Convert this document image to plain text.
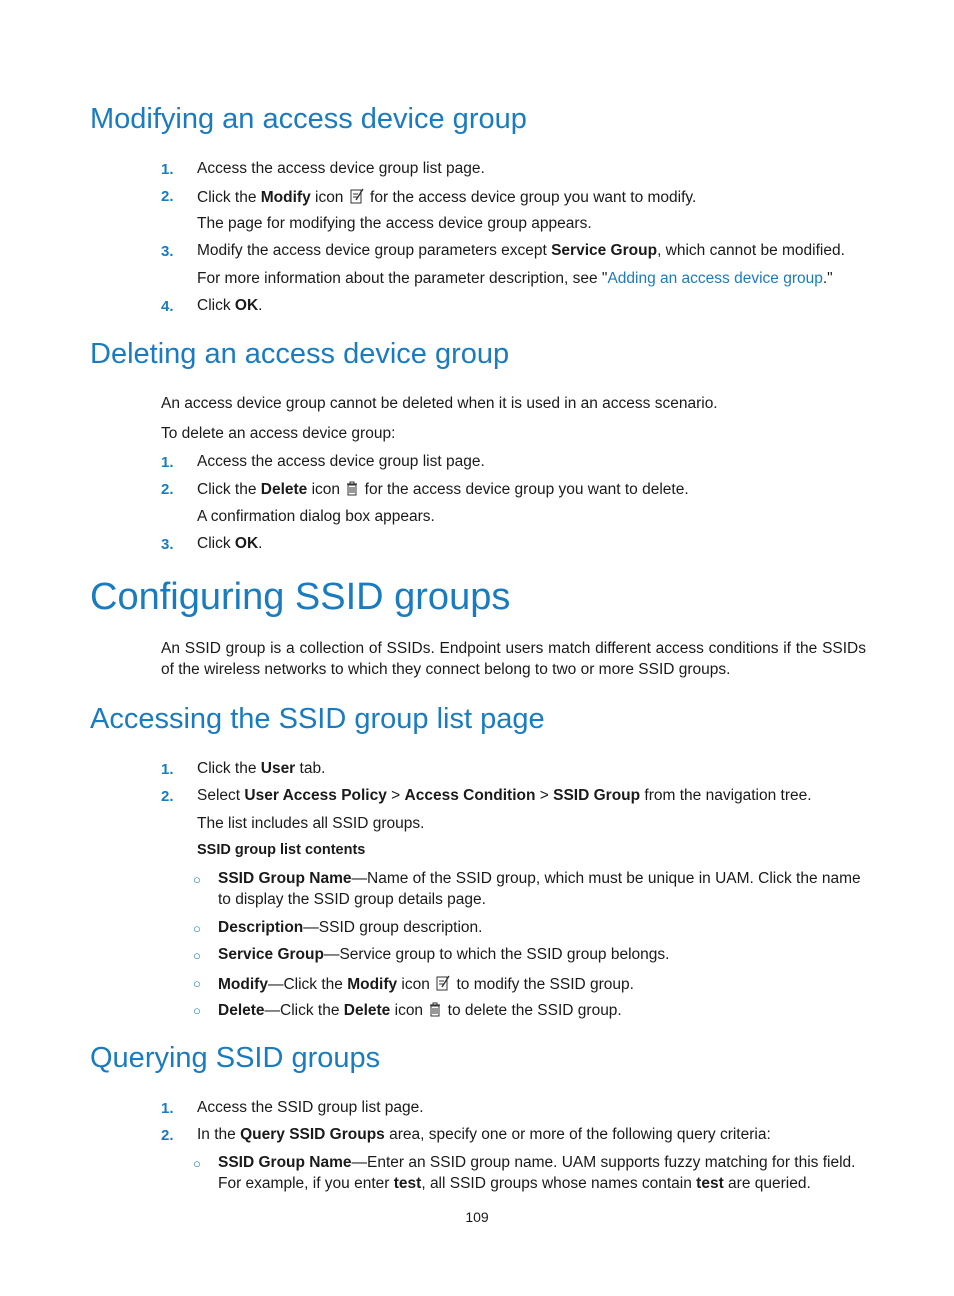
Modifying an access device group
1. Access the access device group list page.
2. Click the Modify icon  for the access device group you want to modify.
The page for modifying the access device group appears.
3. Modify the access device group parameters except Service Group, which cannot be modified.
For more information about the parameter description, see "Adding an access device group."
4. Click OK.
Deleting an access device group
An access device group cannot be deleted when it is used in an access scenario.
To delete an access device group:
1. Access the access device group list page.
2. Click the Delete icon  for the access device group you want to delete.
A confirmation dialog box appears.
3. Click OK.
Configuring SSID groups
An SSID group is a collection of SSIDs. Endpoint users match different access conditions if the SSIDs of the wireless networks to which they connect belong to two or more SSID groups.
Accessing the SSID group list page
1. Click the User tab.
2. Select User Access Policy > Access Condition > SSID Group from the navigation tree.
The list includes all SSID groups.
SSID group list contents
○ SSID Group Name—Name of the SSID group, which must be unique in UAM. Click the name to display the SSID group details page.
○ Description—SSID group description.
○ Service Group—Service group to which the SSID group belongs.
○ Modify—Click the Modify icon  to modify the SSID group.
○ Delete—Click the Delete icon  to delete the SSID group.
Querying SSID groups
1. Access the SSID group list page.
2. In the Query SSID Groups area, specify one or more of the following query criteria:
○ SSID Group Name—Enter an SSID group name. UAM supports fuzzy matching for this field. For example, if you enter test, all SSID groups whose names contain test are queried.
109
